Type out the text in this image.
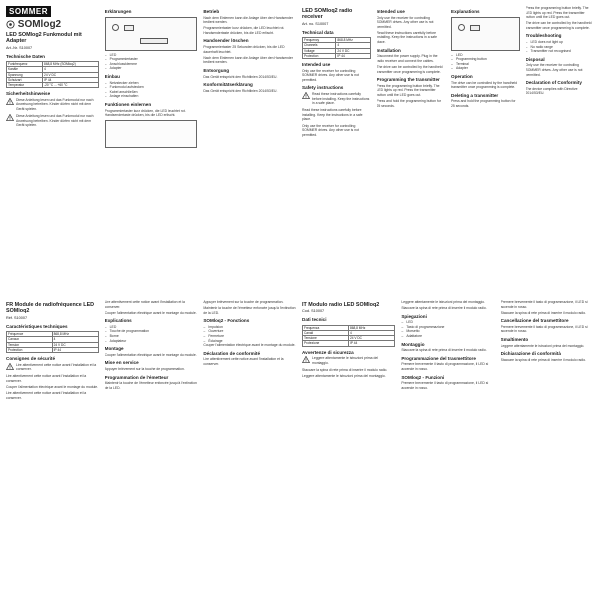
SOMMER
SOMlog2
LED SOMlog2 Funkmodul mit Adapter
Art.-Nr. S10007
Technische Daten
Funkfrequenz	868,8 MHz (SOMloq2)
Kanäle	4
Spannung	24 V DC
Schutzart	IP 44
Temperatur	-20 °C ... +60 °C
Sicherheitshinweise
Diese Anleitung lesen und das Funkmodul nur nach Anweisung betreiben. Kinder dürfen nicht mit dem Gerät spielen.
Diese Anleitung lesen und das Funkmodul nur nach Anweisung betreiben. Kinder dürfen nicht mit dem Gerät spielen.
Erklärungen
– LED
– Programmiertaster
– Anschlussklemme
– Adapter
Einbau
– Netzstecker ziehen
– Funkmodul aufstecken
– Kabel anschließen
– Anlage einschalten
Funktionen einlernen
Programmiertaster kurz drücken, die LED leuchtet rot. Handsendertaste drücken, bis die LED erlischt.
Betrieb
Nach dem Einlernen kann die Anlage über den Handsender bedient werden.
Programmiertaster kurz drücken, die LED leuchtet rot. Handsendertaste drücken, bis die LED erlischt.
Handsender löschen
Programmiertaster 25 Sekunden drücken, bis die LED dauerhaft leuchtet.
Nach dem Einlernen kann die Anlage über den Handsender bedient werden.
Entsorgung
Das Gerät entspricht den Richtlinien 2014/53/EU.
Konformitätserklärung
Das Gerät entspricht den Richtlinien 2014/53/EU.
LED SOMloq2 radio receiver
Art. no. S10007
Technical data
Frequency	868.8 MHz
Channels	4
Voltage	24 V DC
Protection	IP 44
Intended use
Only use the receiver for controlling SOMMER drives. Any other use is not permitted.
Safety instructions
Read these instructions carefully before installing. Keep the instructions in a safe place.
Read these instructions carefully before installing. Keep the instructions in a safe place.
Only use the receiver for controlling SOMMER drives. Any other use is not permitted.
Intended use
Only use the receiver for controlling SOMMER drives. Any other use is not permitted.
Read these instructions carefully before installing. Keep the instructions in a safe place.
Installation
Disconnect the power supply. Plug in the radio receiver and connect the cables.
The drive can be controlled by the handheld transmitter once programming is complete.
Programming the transmitter
Press the programming button briefly. The LED lights up red. Press the transmitter button until the LED goes out.
Press and hold the programming button for 25 seconds.
Explanations
– LED
– Programming button
– Terminal
– Adapter
Operation
The drive can be controlled by the handheld transmitter once programming is complete.
Deleting a transmitter
Press and hold the programming button for 25 seconds.
Press the programming button briefly. The LED lights up red. Press the transmitter button until the LED goes out.
The drive can be controlled by the handheld transmitter once programming is complete.
Troubleshooting
– LED does not light up
– No radio range
– Transmitter not recognised
Disposal
Only use the receiver for controlling SOMMER drives. Any other use is not permitted.
Declaration of Conformity
The device complies with Directive 2014/53/EU.
FR Module de radiofréquence LED SOMloq2
Réf. S10007
Caractéristiques techniques
Fréquence	868,8 MHz
Canaux	4
Tension	24 V DC
Protection	IP 44
Consignes de sécurité
Lire attentivement cette notice avant l'installation et la conserver.
Lire attentivement cette notice avant l'installation et la conserver.
Couper l'alimentation électrique avant le montage du module.
Lire attentivement cette notice avant l'installation et la conserver.
Lire attentivement cette notice avant l'installation et la conserver.
Couper l'alimentation électrique avant le montage du module.
Explications
– LED
– Touche de programmation
– Borne
– Adaptateur
Montage
Couper l'alimentation électrique avant le montage du module.
Mise en service
Appuyer brièvement sur la touche de programmation.
Programmation de l'émetteur
Maintenir la touche de l'émetteur enfoncée jusqu'à l'extinction de la LED.
Appuyer brièvement sur la touche de programmation.
Maintenir la touche de l'émetteur enfoncée jusqu'à l'extinction de la LED.
SOMloq2 - Fonctions
– Impulsion
– Ouverture
– Fermeture
– Éclairage
Couper l'alimentation électrique avant le montage du module.
Déclaration de conformité
Lire attentivement cette notice avant l'installation et la conserver.
IT Modulo radio LED SOMloq2
Cod. S10007
Dati tecnici
Frequenza	868,8 MHz
Canali	4
Tensione	24 V DC
Protezione	IP 44
Avvertenze di sicurezza
Leggere attentamente le istruzioni prima del montaggio.
Staccare la spina di rete prima di inserire il modulo radio.
Leggere attentamente le istruzioni prima del montaggio.
Leggere attentamente le istruzioni prima del montaggio.
Staccare la spina di rete prima di inserire il modulo radio.
Spiegazioni
– LED
– Tasto di programmazione
– Morsetto
– Adattatore
Montaggio
Staccare la spina di rete prima di inserire il modulo radio.
Programmazione del trasmettitore
Premere brevemente il tasto di programmazione, il LED si accende in rosso.
SOMloq2 - Funzioni
Premere brevemente il tasto di programmazione, il LED si accende in rosso.
Premere brevemente il tasto di programmazione, il LED si accende in rosso.
Staccare la spina di rete prima di inserire il modulo radio.
Cancellazione del trasmettitore
Premere brevemente il tasto di programmazione, il LED si accende in rosso.
Smaltimento
Leggere attentamente le istruzioni prima del montaggio.
Dichiarazione di conformità
Staccare la spina di rete prima di inserire il modulo radio.
